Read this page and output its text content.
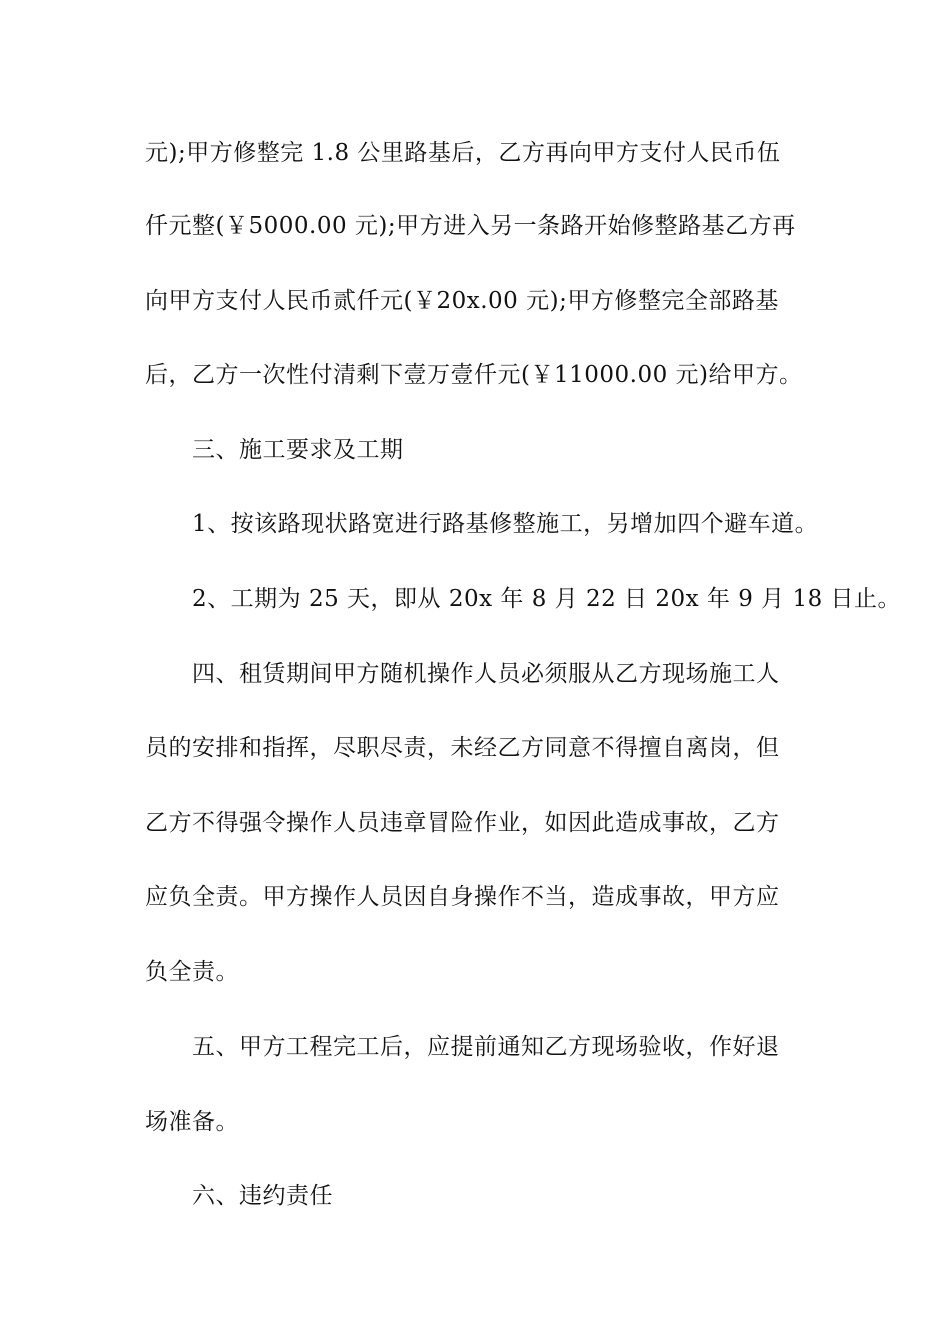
元);甲方修整完 1.8 公里路基后，乙方再向甲方支付人民币伍
仟元整(￥5000.00 元);甲方进入另一条路开始修整路基乙方再
向甲方支付人民币贰仟元(￥20x.00 元);甲方修整完全部路基
后，乙方一次性付清剩下壹万壹仟元(￥11000.00 元)给甲方。
三、施工要求及工期
1、按该路现状路宽进行路基修整施工，另增加四个避车道。
2、工期为 25 天，即从 20x 年 8 月 22 日 20x 年 9 月 18 日止。
四、租赁期间甲方随机操作人员必须服从乙方现场施工人
员的安排和指挥，尽职尽责，未经乙方同意不得擅自离岗，但
乙方不得强令操作人员违章冒险作业，如因此造成事故，乙方
应负全责。甲方操作人员因自身操作不当，造成事故，甲方应
负全责。
五、甲方工程完工后，应提前通知乙方现场验收，作好退
场准备。
六、违约责任
